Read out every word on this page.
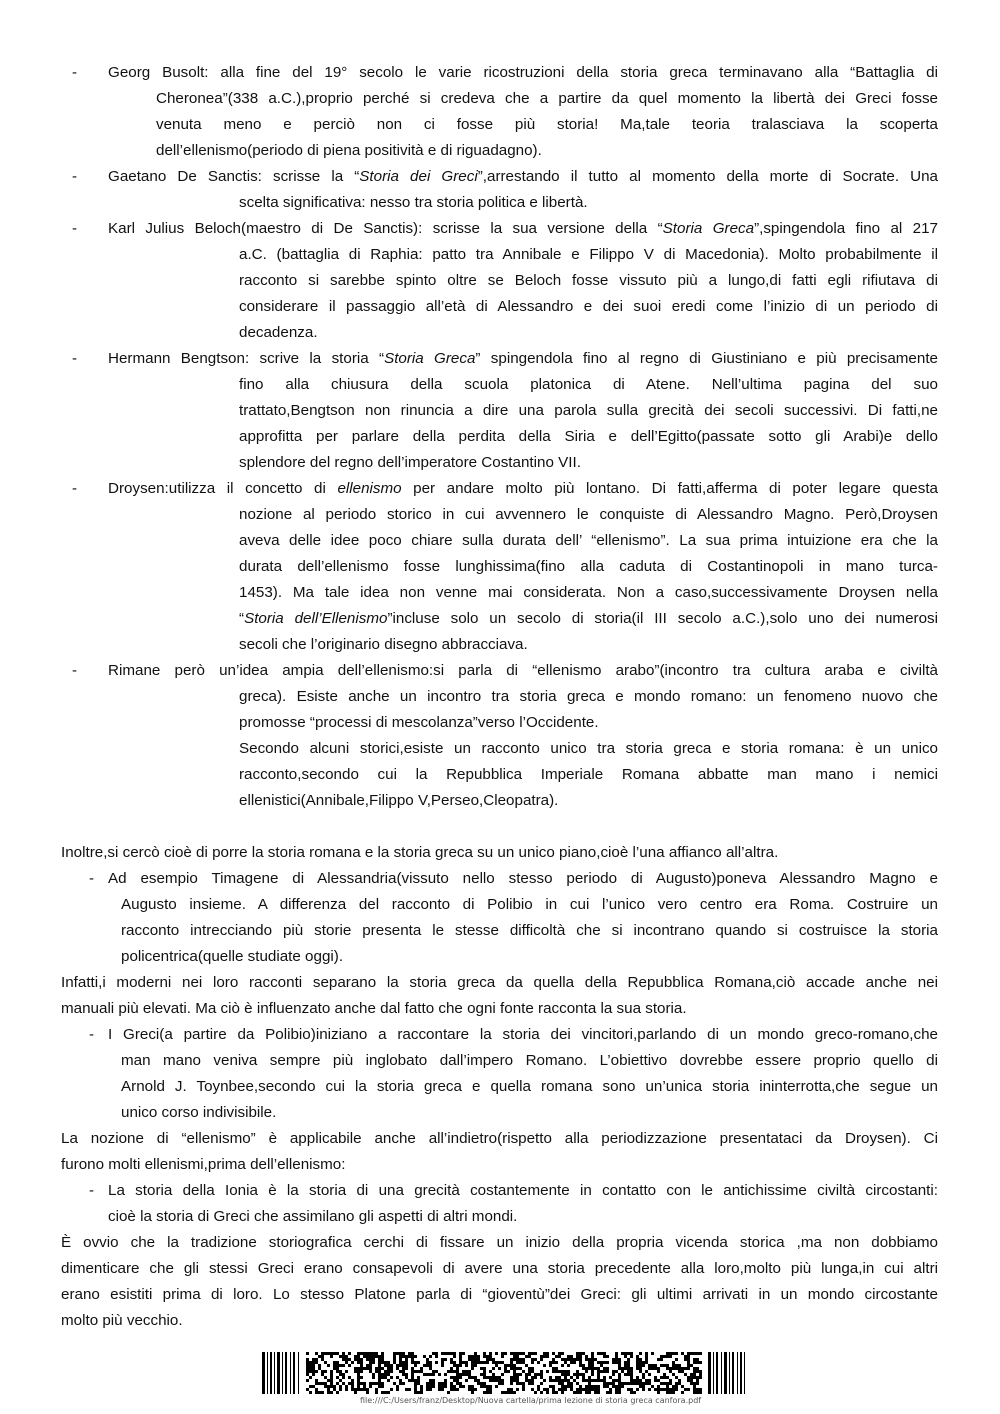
- Georg Busolt: alla fine del 19° secolo le varie ricostruzioni della storia greca terminavano alla “Battaglia di
Cheronea”(338 a.C.),proprio perché si credeva che a partire da quel momento la libertà dei Greci fosse
venuta meno e perciò non ci fosse più storia! Ma,tale teoria tralasciava la scoperta
dell’ellenismo(periodo di piena positività e di riguadagno).
- Gaetano De Sanctis: scrisse la “Storia dei Greci”,arrestando il tutto al momento della morte di Socrate. Una
scelta significativa: nesso tra storia politica e libertà.
- Karl Julius Beloch(maestro di De Sanctis): scrisse la sua versione della “Storia Greca”,spingendola fino al 217
a.C. (battaglia di Raphia: patto tra Annibale e Filippo V di Macedonia). Molto probabilmente il
racconto si sarebbe spinto oltre se Beloch fosse vissuto più a lungo,di fatti egli rifiutava di
considerare il passaggio all’età di Alessandro e dei suoi eredi come l’inizio di un periodo di
decadenza.
- Hermann Bengtson: scrive la storia “Storia Greca” spingendola fino al regno di Giustiniano e più precisamente
fino alla chiusura della scuola platonica di Atene. Nell’ultima pagina del suo
trattato,Bengtson non rinuncia a dire una parola sulla grecità dei secoli successivi. Di fatti,ne
approfitta per parlare della perdita della Siria e dell’Egitto(passate sotto gli Arabi)e dello
splendore del regno dell’imperatore Costantino VII.
- Droysen:utilizza il concetto di ellenismo per andare molto più lontano. Di fatti,afferma di poter legare questa
nozione al periodo storico in cui avvennero le conquiste di Alessandro Magno. Però,Droysen
aveva delle idee poco chiare sulla durata dell’ “ellenismo”. La sua prima intuizione era che la
durata dell’ellenismo fosse lunghissima(fino alla caduta di Costantinopoli in mano turca-
1453). Ma tale idea non venne mai considerata. Non a caso,successivamente Droysen nella
“Storia dell’Ellenismo”incluse solo un secolo di storia(il III secolo a.C.),solo uno dei numerosi
secoli che l’originario disegno abbracciava.
- Rimane però un’idea ampia dell’ellenismo:si parla di “ellenismo arabo”(incontro tra cultura araba e civiltà
greca). Esiste anche un incontro tra storia greca e mondo romano: un fenomeno nuovo che
promosse “processi di mescolanza”verso l’Occidente.
Secondo alcuni storici,esiste un racconto unico tra storia greca e storia romana: è un unico
racconto,secondo cui la Repubblica Imperiale Romana abbatte man mano i nemici
ellenistici(Annibale,Filippo V,Perseo,Cleopatra).
Inoltre,si cercò cioè di porre la storia romana e la storia greca su un unico piano,cioè l’una affianco all’altra.
- Ad esempio Timagene di Alessandria(vissuto nello stesso periodo di Augusto)poneva Alessandro Magno e
Augusto insieme. A differenza del racconto di Polibio in cui l’unico vero centro era Roma. Costruire un
racconto intrecciando più storie presenta le stesse difficoltà che si incontrano quando si costruisce la storia
policentrica(quelle studiate oggi).
Infatti,i moderni nei loro racconti separano la storia greca da quella della Repubblica Romana,ciò accade anche nei
manuali più elevati. Ma ciò è influenzato anche dal fatto che ogni fonte racconta la sua storia.
- I Greci(a partire da Polibio)iniziano a raccontare la storia dei vincitori,parlando di un mondo greco-romano,che
man mano veniva sempre più inglobato dall’impero Romano. L’obiettivo dovrebbe essere proprio quello di
Arnold J. Toynbee,secondo cui la storia greca e quella romana sono un’unica storia ininterrotta,che segue un
unico corso indivisibile.
La nozione di “ellenismo” è applicabile anche all’indietro(rispetto alla periodizzazione presentataci da Droysen). Ci
furono molti ellenismi,prima dell’ellenismo:
- La storia della Ionia è la storia di una grecità costantemente in contatto con le antichissime civiltà circostanti:
cioè la storia di Greci che assimilano gli aspetti di altri mondi.
È ovvio che la tradizione storiografica cerchi di fissare un inizio della propria vicenda storica ,ma non dobbiamo
dimenticare che gli stessi Greci erano consapevoli di avere una storia precedente alla loro,molto più lunga,in cui altri
erano esistiti prima di loro. Lo stesso Platone parla di “gioventù”dei Greci: gli ultimi arrivati in un mondo circostante
molto più vecchio.
file:///C:/Users/franz/Desktop/Nuova cartella/prima lezione di storia greca canfora.pdf
